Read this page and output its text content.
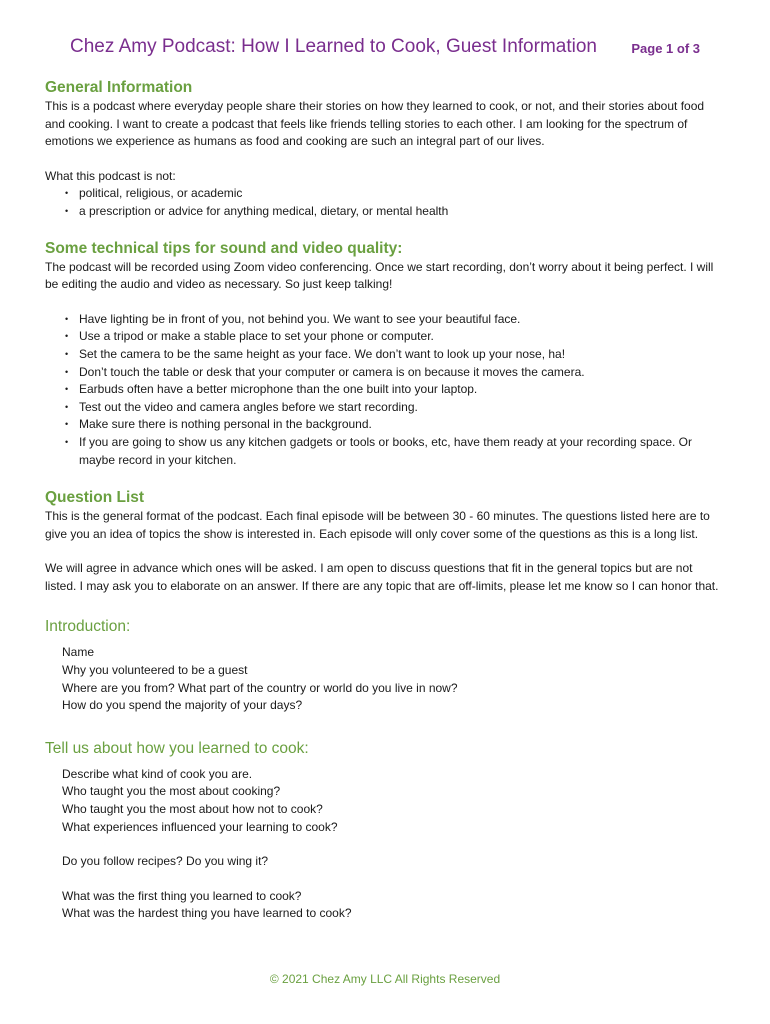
Chez Amy Podcast: How I Learned to Cook, Guest Information	Page 1 of 3
General Information

This is a podcast where everyday people share their stories on how they learned to cook, or not, and their stories about food and cooking. I want to create a podcast that feels like friends telling stories to each other. I am looking for the spectrum of emotions we experience as humans as food and cooking are such an integral part of our lives.

What this podcast is not:

• political, religious, or academic
• a prescription or advice for anything medical, dietary, or mental health
Some technical tips for sound and video quality:

The podcast will be recorded using Zoom video conferencing. Once we start recording, don’t worry about it being perfect. I will be editing the audio and video as necessary. So just keep talking!

• Have lighting be in front of you, not behind you. We want to see your beautiful face.
• Use a tripod or make a stable place to set your phone or computer.
• Set the camera to be the same height as your face. We don’t want to look up your nose, ha!
• Don’t touch the table or desk that your computer or camera is on because it moves the camera.
• Earbuds often have a better microphone than the one built into your laptop.
• Test out the video and camera angles before we start recording.
• Make sure there is nothing personal in the background.
• If you are going to show us any kitchen gadgets or tools or books, etc, have them ready at your recording space. Or maybe record in your kitchen.
Question List

This is the general format of the podcast. Each final episode will be between 30 - 60 minutes. The questions listed here are to give you an idea of topics the show is interested in. Each episode will only cover some of the questions as this is a long list.

We will agree in advance which ones will be asked. I am open to discuss questions that fit in the general topics but are not listed. I may ask you to elaborate on an answer. If there are any topic that are off-limits, please let me know so I can honor that.

Introduction:
Name
Why you volunteered to be a guest
Where are you from? What part of the country or world do you live in now?
How do you spend the majority of your days?
Tell us about how you learned to cook:
Describe what kind of cook you are.
Who taught you the most about cooking?
Who taught you the most about how not to cook?
What experiences influenced your learning to cook?
Do you follow recipes? Do you wing it?
What was the first thing you learned to cook?
What was the hardest thing you have learned to cook?
© 2021 Chez Amy LLC All Rights Reserved
